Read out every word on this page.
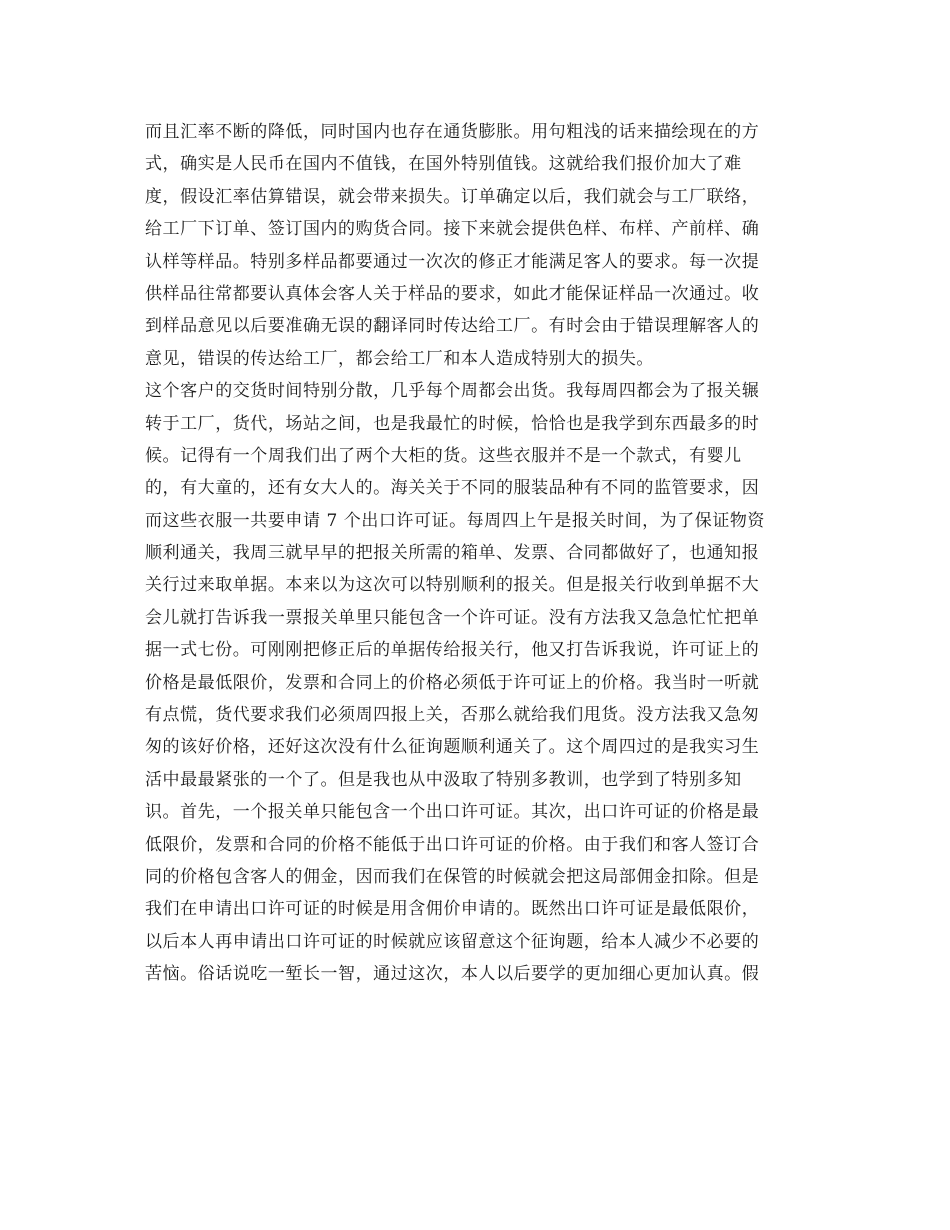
而且汇率不断的降低，同时国内也存在通货膨胀。用句粗浅的话来描绘现在的方
式，确实是人民币在国内不值钱，在国外特别值钱。这就给我们报价加大了难
度，假设汇率估算错误，就会带来损失。订单确定以后，我们就会与工厂联络，
给工厂下订单、签订国内的购货合同。接下来就会提供色样、布样、产前样、确
认样等样品。特别多样品都要通过一次次的修正才能满足客人的要求。每一次提
供样品往常都要认真体会客人关于样品的要求，如此才能保证样品一次通过。收
到样品意见以后要准确无误的翻译同时传达给工厂。有时会由于错误理解客人的
意见，错误的传达给工厂，都会给工厂和本人造成特别大的损失。
这个客户的交货时间特别分散，几乎每个周都会出货。我每周四都会为了报关辗
转于工厂，货代，场站之间，也是我最忙的时候，恰恰也是我学到东西最多的时
候。记得有一个周我们出了两个大柜的货。这些衣服并不是一个款式，有婴儿
的，有大童的，还有女大人的。海关关于不同的服装品种有不同的监管要求，因
而这些衣服一共要申请 7 个出口许可证。每周四上午是报关时间，为了保证物资
顺利通关，我周三就早早的把报关所需的箱单、发票、合同都做好了，也通知报
关行过来取单据。本来以为这次可以特别顺利的报关。但是报关行收到单据不大
会儿就打告诉我一票报关单里只能包含一个许可证。没有方法我又急急忙忙把单
据一式七份。可刚刚把修正后的单据传给报关行，他又打告诉我说，许可证上的
价格是最低限价，发票和合同上的价格必须低于许可证上的价格。我当时一听就
有点慌，货代要求我们必须周四报上关，否那么就给我们甩货。没方法我又急匆
匆的该好价格，还好这次没有什么征询题顺利通关了。这个周四过的是我实习生
活中最最紧张的一个了。但是我也从中汲取了特别多教训，也学到了特别多知
识。首先，一个报关单只能包含一个出口许可证。其次，出口许可证的价格是最
低限价，发票和合同的价格不能低于出口许可证的价格。由于我们和客人签订合
同的价格包含客人的佣金，因而我们在保管的时候就会把这局部佣金扣除。但是
我们在申请出口许可证的时候是用含佣价申请的。既然出口许可证是最低限价，
以后本人再申请出口许可证的时候就应该留意这个征询题，给本人减少不必要的
苦恼。俗话说吃一堑长一智，通过这次，本人以后要学的更加细心更加认真。假
